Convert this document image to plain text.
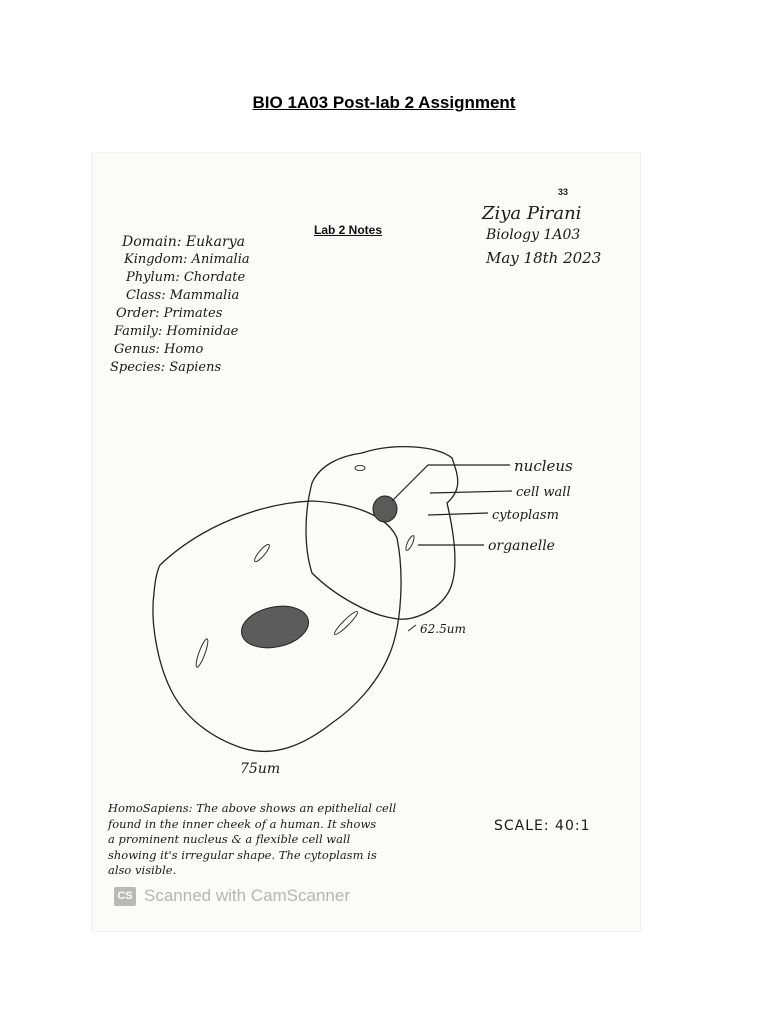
BIO 1A03 Post-lab 2 Assignment
33
Lab 2 Notes
Ziya Pirani
Biology 1A03
May 18th 2023
Domain: Eukarya
Kingdom: Animalia
Phylum: Chordate
Class: Mammalia
Order: Primates
Family: Hominidae
Genus: Homo
Species: Sapiens
nucleus
cell wall
cytoplasm
organelle
62.5um
75um
HomoSapiens: The above shows an epithelial cell
found in the inner cheek of a human. It shows
a prominent nucleus & a flexible cell wall
showing it's irregular shape. The cytoplasm is
also visible.
SCALE: 40:1
CS Scanned with CamScanner
